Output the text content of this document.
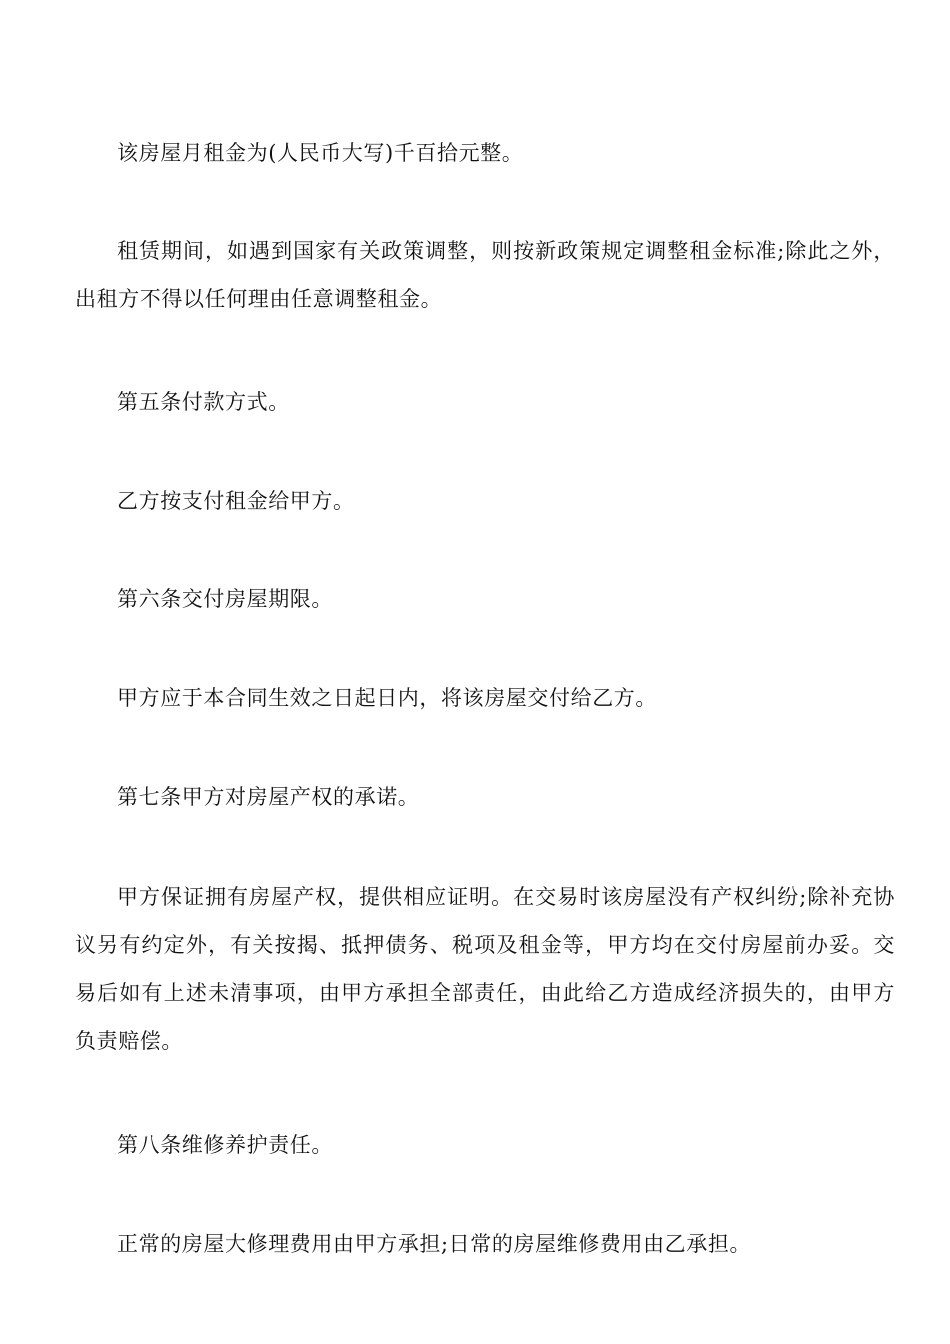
该房屋月租金为(人民币大写)千百拾元整。

租赁期间，如遇到国家有关政策调整，则按新政策规定调整租金标准;除此之外，出租方不得以任何理由任意调整租金。

第五条付款方式。

乙方按支付租金给甲方。

第六条交付房屋期限。

甲方应于本合同生效之日起日内，将该房屋交付给乙方。

第七条甲方对房屋产权的承诺。

甲方保证拥有房屋产权，提供相应证明。在交易时该房屋没有产权纠纷;除补充协议另有约定外，有关按揭、抵押债务、税项及租金等，甲方均在交付房屋前办妥。交易后如有上述未清事项，由甲方承担全部责任，由此给乙方造成经济损失的，由甲方负责赔偿。

第八条维修养护责任。

正常的房屋大修理费用由甲方承担;日常的房屋维修费用由乙承担。
